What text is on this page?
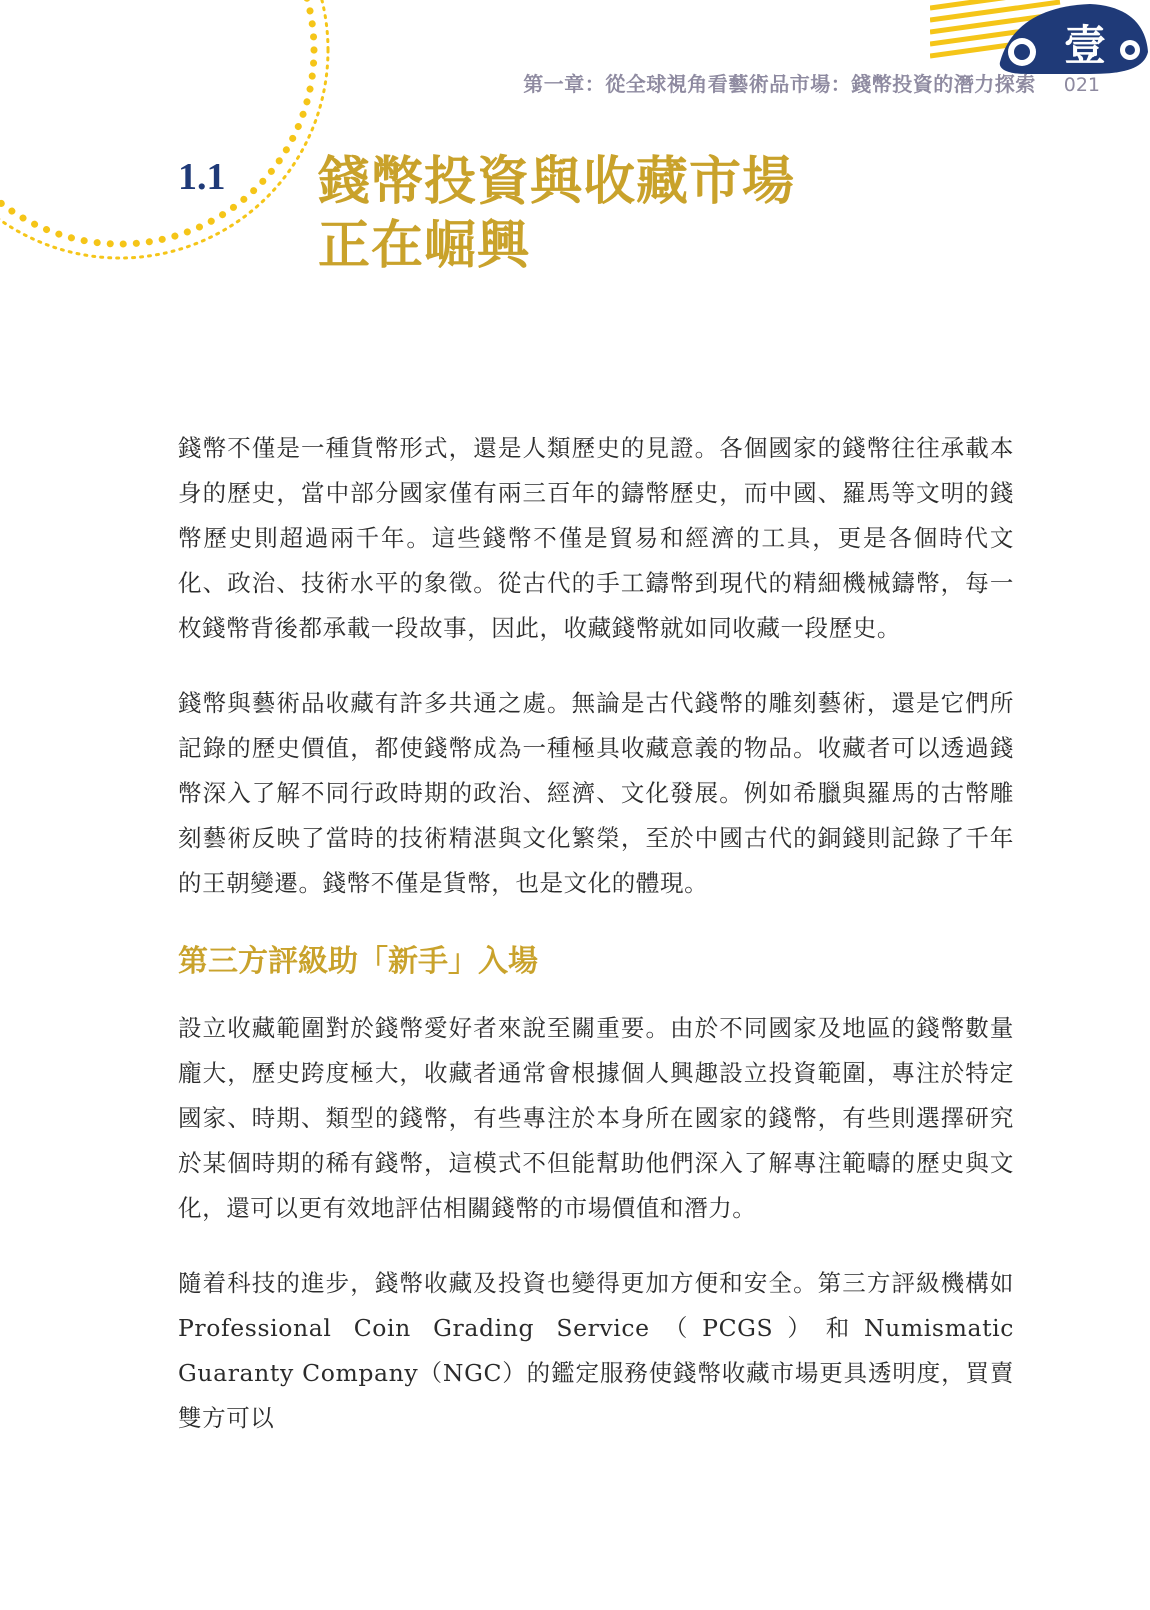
壹
第一章：從全球視角看藝術品市場：錢幣投資的潛力探索 021
1.1 錢幣投資與收藏市場
正在崛興

錢幣不僅是一種貨幣形式，還是人類歷史的見證。各個國家的錢幣往往承載本身的歷史，當中部分國家僅有兩三百年的鑄幣歷史，而中國、羅馬等文明的錢幣歷史則超過兩千年。這些錢幣不僅是貿易和經濟的工具，更是各個時代文化、政治、技術水平的象徵。從古代的手工鑄幣到現代的精細機械鑄幣，每一枚錢幣背後都承載一段故事，因此，收藏錢幣就如同收藏一段歷史。

錢幣與藝術品收藏有許多共通之處。無論是古代錢幣的雕刻藝術，還是它們所記錄的歷史價值，都使錢幣成為一種極具收藏意義的物品。收藏者可以透過錢幣深入了解不同行政時期的政治、經濟、文化發展。例如希臘與羅馬的古幣雕刻藝術反映了當時的技術精湛與文化繁榮，至於中國古代的銅錢則記錄了千年的王朝變遷。錢幣不僅是貨幣，也是文化的體現。

第三方評級助「新手」入場

設立收藏範圍對於錢幣愛好者來說至關重要。由於不同國家及地區的錢幣數量龐大，歷史跨度極大，收藏者通常會根據個人興趣設立投資範圍，專注於特定國家、時期、類型的錢幣，有些專注於本身所在國家的錢幣，有些則選擇研究於某個時期的稀有錢幣，這模式不但能幫助他們深入了解專注範疇的歷史與文化，還可以更有效地評估相關錢幣的市場價值和潛力。

隨着科技的進步，錢幣收藏及投資也變得更加方便和安全。第三方評級機構如Professional Coin Grading Service（PCGS）和Numismatic Guaranty Company（NGC）的鑑定服務使錢幣收藏市場更具透明度，買賣雙方可以
